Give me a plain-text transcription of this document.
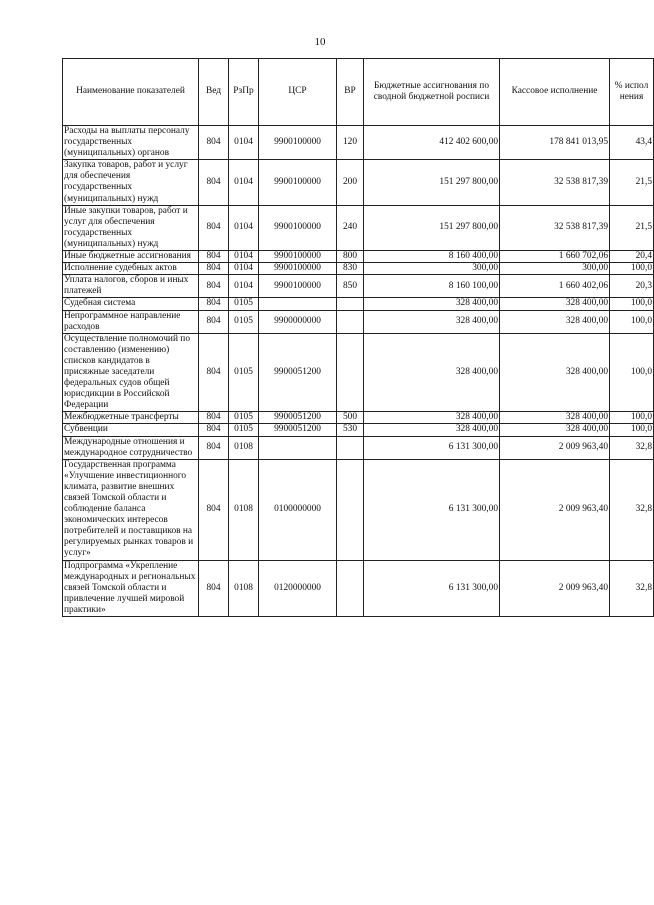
10
Наименование показателей	Вед	РзПр	ЦСР	ВР	Бюджетные ассигнования по сводной бюджетной росписи	Кассовое исполнение	% испол нения
Расходы на выплаты персоналу государственных (муниципальных) органов	804	0104	9900100000	120	412 402 600,00	178 841 013,95	43,4
Закупка товаров, работ и услуг для обеспечения государственных (муниципальных) нужд	804	0104	9900100000	200	151 297 800,00	32 538 817,39	21,5
Иные закупки товаров, работ и услуг для обеспечения государственных (муниципальных) нужд	804	0104	9900100000	240	151 297 800,00	32 538 817,39	21,5
Иные бюджетные ассигнования	804	0104	9900100000	800	8 160 400,00	1 660 702,06	20,4
Исполнение судебных актов	804	0104	9900100000	830	300,00	300,00	100,0
Уплата налогов, сборов и иных платежей	804	0104	9900100000	850	8 160 100,00	1 660 402,06	20,3
Судебная система	804	0105			328 400,00	328 400,00	100,0
Непрограммное направление расходов	804	0105	9900000000		328 400,00	328 400,00	100,0
Осуществление полномочий по составлению (изменению) списков кандидатов в присяжные заседатели федеральных судов общей юрисдикции в Российской Федерации	804	0105	9900051200		328 400,00	328 400,00	100,0
Межбюджетные трансферты	804	0105	9900051200	500	328 400,00	328 400,00	100,0
Субвенции	804	0105	9900051200	530	328 400,00	328 400,00	100,0
Международные отношения и международное сотрудничество	804	0108			6 131 300,00	2 009 963,40	32,8
Государственная программа «Улучшение инвестиционного климата, развитие внешних связей Томской области и соблюдение баланса экономических интересов потребителей и поставщиков на регулируемых рынках товаров и услуг»	804	0108	0100000000		6 131 300,00	2 009 963,40	32,8
Подпрограмма «Укрепление международных и региональных связей Томской области и привлечение лучшей мировой практики»	804	0108	0120000000		6 131 300,00	2 009 963,40	32,8
